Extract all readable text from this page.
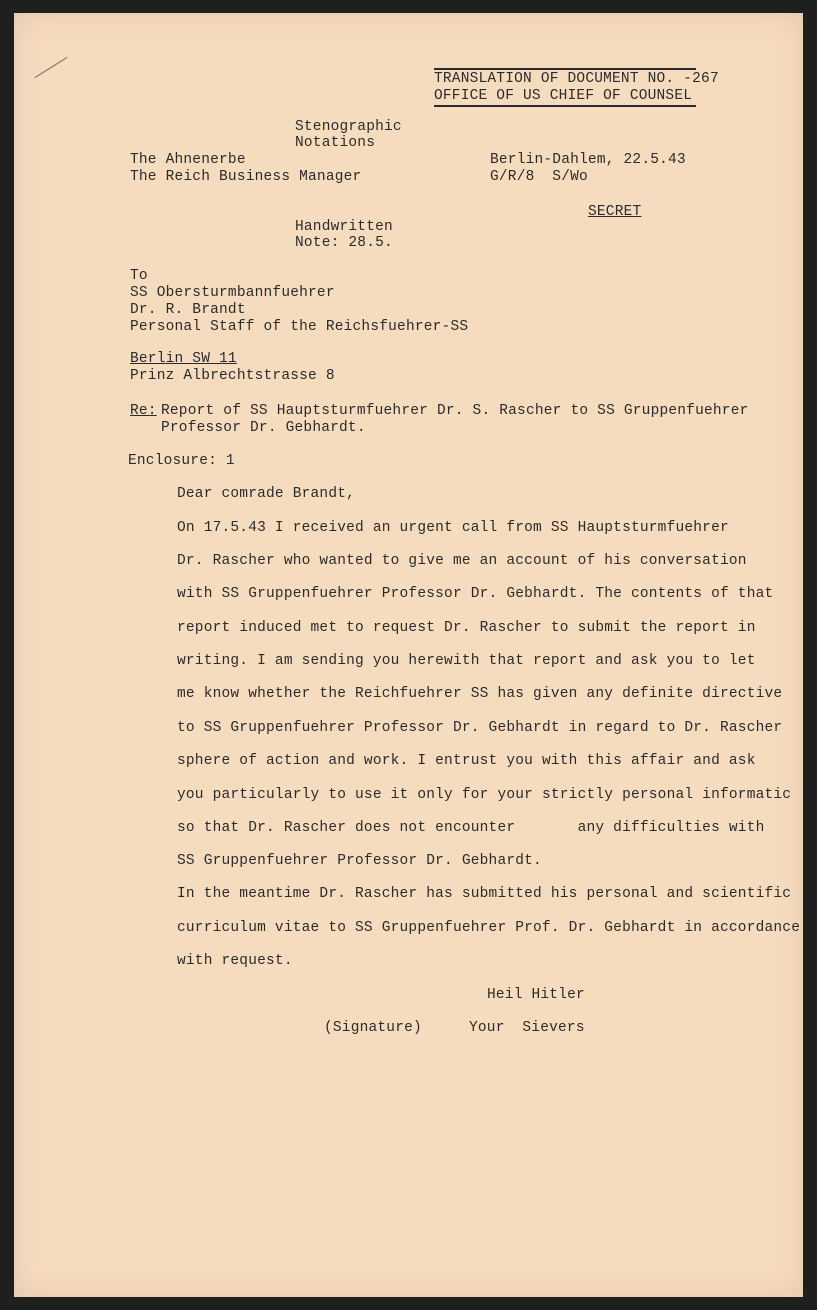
TRANSLATION OF DOCUMENT NO. -267
OFFICE OF US CHIEF OF COUNSEL
Stenographic
Notations
The Ahnenerbe
The Reich Business Manager
Berlin-Dahlem, 22.5.43
G/R/8  S/Wo
SECRET
Handwritten
Note: 28.5.
To
SS Obersturmbannfuehrer
Dr. R. Brandt
Personal Staff of the Reichsfuehrer-SS
Berlin SW 11
Prinz Albrechtstrasse 8
Re: Report of SS Hauptsturmfuehrer Dr. S. Rascher to SS Gruppenfuehrer
Professor Dr. Gebhardt.
Enclosure: 1
Dear comrade Brandt,
On 17.5.43 I received an urgent call from SS Hauptsturmfuehrer
Dr. Rascher who wanted to give me an account of his conversation
with SS Gruppenfuehrer Professor Dr. Gebhardt. The contents of that
report induced met to request Dr. Rascher to submit the report in
writing. I am sending you herewith that report and ask you to let
me know whether the Reichfuehrer SS has given any definite directive
to SS Gruppenfuehrer Professor Dr. Gebhardt in regard to Dr. Rascher
sphere of action and work. I entrust you with this affair and ask
you particularly to use it only for your strictly personal informatic
so that Dr. Rascher does not encounter       any difficulties with
SS Gruppenfuehrer Professor Dr. Gebhardt.
In the meantime Dr. Rascher has submitted his personal and scientific
curriculum vitae to SS Gruppenfuehrer Prof. Dr. Gebhardt in accordance
with request.
Heil Hitler
(Signature)	Your  Sievers
